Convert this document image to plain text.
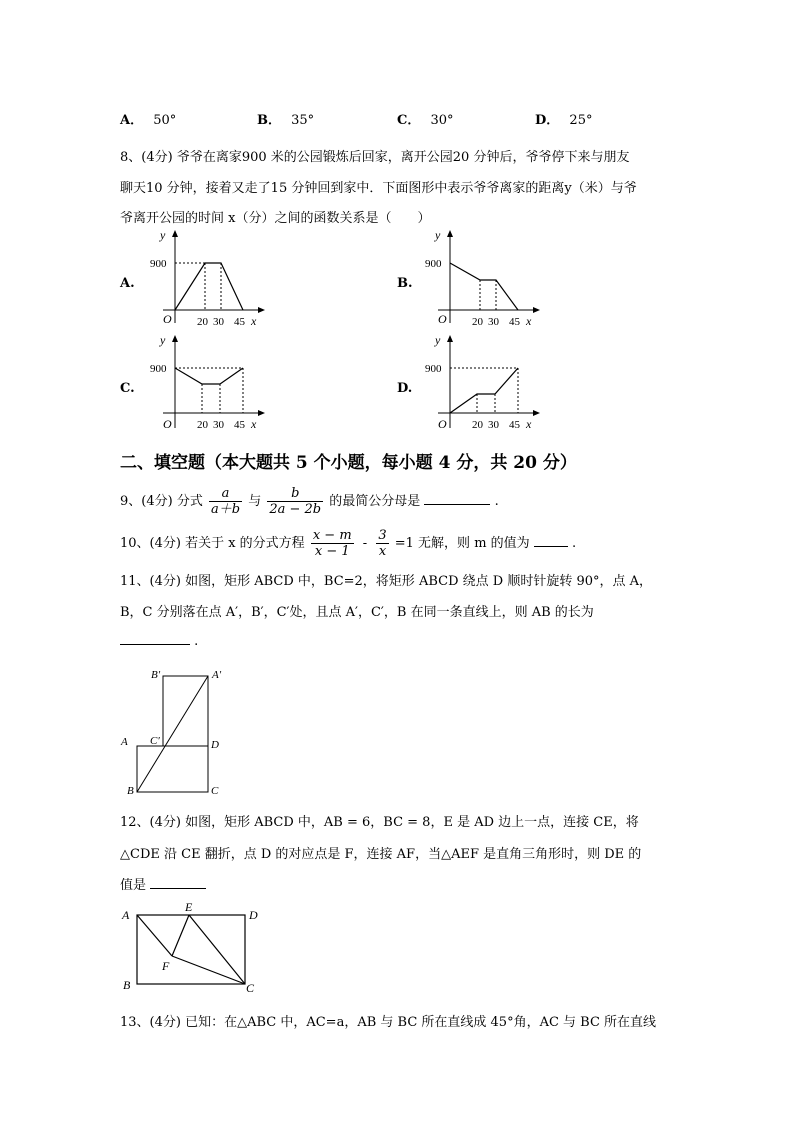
A． 50°	B． 35°	C． 30°	D． 25°
8、(4分) 爷爷在离家900 米的公园锻炼后回家，离开公园20 分钟后，爷爷停下来与朋友
聊天10 分钟，接着又走了15 分钟回到家中．下面图形中表示爷爷离家的距离y（米）与爷
爷离开公园的时间 x（分）之间的函数关系是（　　）
A.	B.
C.	D.
y
x
O
900
20 30 45
y
x
O
900
20 30 45
y
x
O
900
20 30 45
y
x
O
900
20 30 45
二、填空题（本大题共 5 个小题，每小题 4 分，共 20 分）
9、(4分) 分式 $\frac{a}{a+b}$ 与 $\frac{b}{2a - 2b}$ 的最简公分母是	.
10、(4分) 若关于 x 的分式方程 $\frac{x - m}{x - 1} - \frac{3}{x} =1$ 无解，则 m 的值为	.
11、(4分) 如图，矩形 ABCD 中，BC=2，将矩形 ABCD 绕点 D 顺时针旋转 90°，点 A，
B，C 分别落在点 A′，B′，C′处，且点 A′，C′，B 在同一条直线上，则 AB 的长为
.
B′	A′
A C′	D
B	C
12、(4分) 如图，矩形 ABCD 中，AB = 6，BC = 8，E 是 AD 边上一点，连接 CE，将
△CDE 沿 CE 翻折，点 D 的对应点是 F，连接 AF，当△AEF 是直角三角形时，则 DE 的
值是
A
E
D
F
B	C
13、(4分) 已知：在△ABC 中，AC=a，AB 与 BC 所在直线成 45°角，AC 与 BC 所在直线
